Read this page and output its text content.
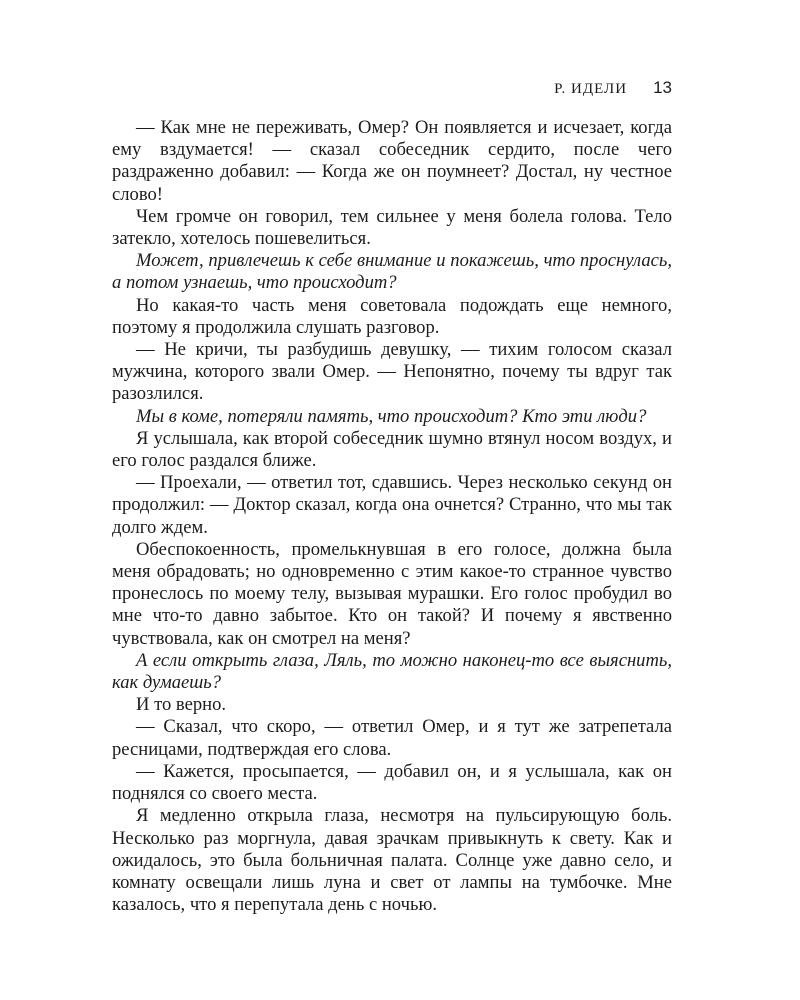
Р. ИДЕЛИ 13

— Как мне не переживать, Омер? Он появляется и исчезает, когда ему вздумается! — сказал собеседник сердито, после чего раздраженно добавил: — Когда же он поумнеет? Достал, ну честное слово!

Чем громче он говорил, тем сильнее у меня болела голова. Тело затекло, хотелось пошевелиться.

Может, привлечешь к себе внимание и покажешь, что проснулась, а потом узнаешь, что происходит?

Но какая-то часть меня советовала подождать еще немного, поэтому я продолжила слушать разговор.

— Не кричи, ты разбудишь девушку, — тихим голосом сказал мужчина, которого звали Омер. — Непонятно, почему ты вдруг так разозлился.

Мы в коме, потеряли память, что происходит? Кто эти люди?

Я услышала, как второй собеседник шумно втянул носом воздух, и его голос раздался ближе.

— Проехали, — ответил тот, сдавшись. Через несколько секунд он продолжил: — Доктор сказал, когда она очнется? Странно, что мы так долго ждем.

Обеспокоенность, промелькнувшая в его голосе, должна была меня обрадовать; но одновременно с этим какое-то странное чувство пронеслось по моему телу, вызывая мурашки. Его голос пробудил во мне что-то давно забытое. Кто он такой? И почему я явственно чувствовала, как он смотрел на меня?

А если открыть глаза, Ляль, то можно наконец-то все выяснить, как думаешь?

И то верно.

— Сказал, что скоро, — ответил Омер, и я тут же затрепетала ресницами, подтверждая его слова.

— Кажется, просыпается, — добавил он, и я услышала, как он поднялся со своего места.

Я медленно открыла глаза, несмотря на пульсирующую боль. Несколько раз моргнула, давая зрачкам привыкнуть к свету. Как и ожидалось, это была больничная палата. Солнце уже давно село, и комнату освещали лишь луна и свет от лампы на тумбочке. Мне казалось, что я перепутала день с ночью.
